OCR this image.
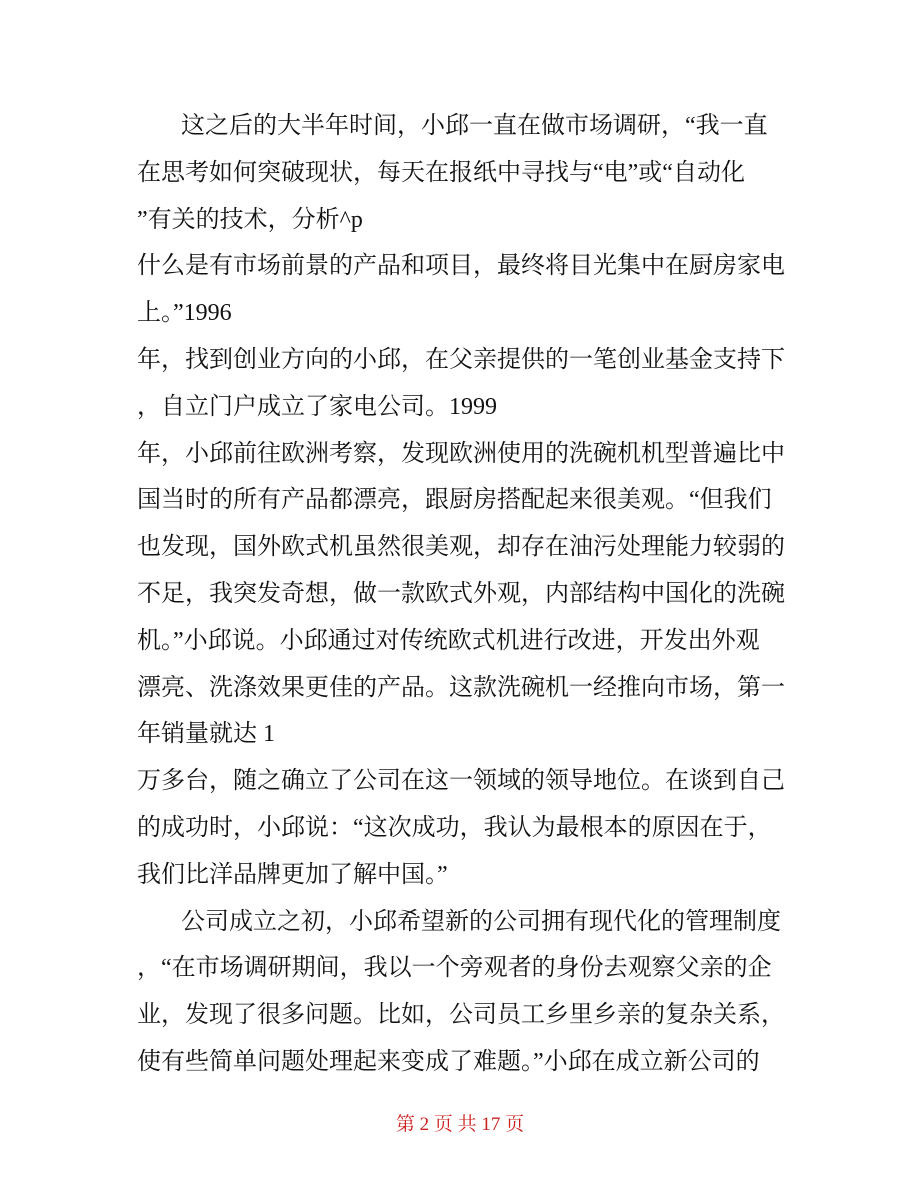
这之后的大半年时间，小邱一直在做市场调研，“我一直
在思考如何突破现状，每天在报纸中寻找与“电”或“自动化
”有关的技术，分析^p
什么是有市场前景的产品和项目，最终将目光集中在厨房家电
上。”1996
年，找到创业方向的小邱，在父亲提供的一笔创业基金支持下
，自立门户成立了家电公司。1999
年，小邱前往欧洲考察，发现欧洲使用的洗碗机机型普遍比中
国当时的所有产品都漂亮，跟厨房搭配起来很美观。“但我们
也发现，国外欧式机虽然很美观，却存在油污处理能力较弱的
不足，我突发奇想，做一款欧式外观，内部结构中国化的洗碗
机。”小邱说。小邱通过对传统欧式机进行改进，开发出外观
漂亮、洗涤效果更佳的产品。这款洗碗机一经推向市场，第一
年销量就达 1
万多台，随之确立了公司在这一领域的领导地位。在谈到自己
的成功时，小邱说：“这次成功，我认为最根本的原因在于，
我们比洋品牌更加了解中国。”
公司成立之初，小邱希望新的公司拥有现代化的管理制度
，“在市场调研期间，我以一个旁观者的身份去观察父亲的企
业，发现了很多问题。比如，公司员工乡里乡亲的复杂关系，
使有些简单问题处理起来变成了难题。”小邱在成立新公司的
第 2 页 共 17 页
